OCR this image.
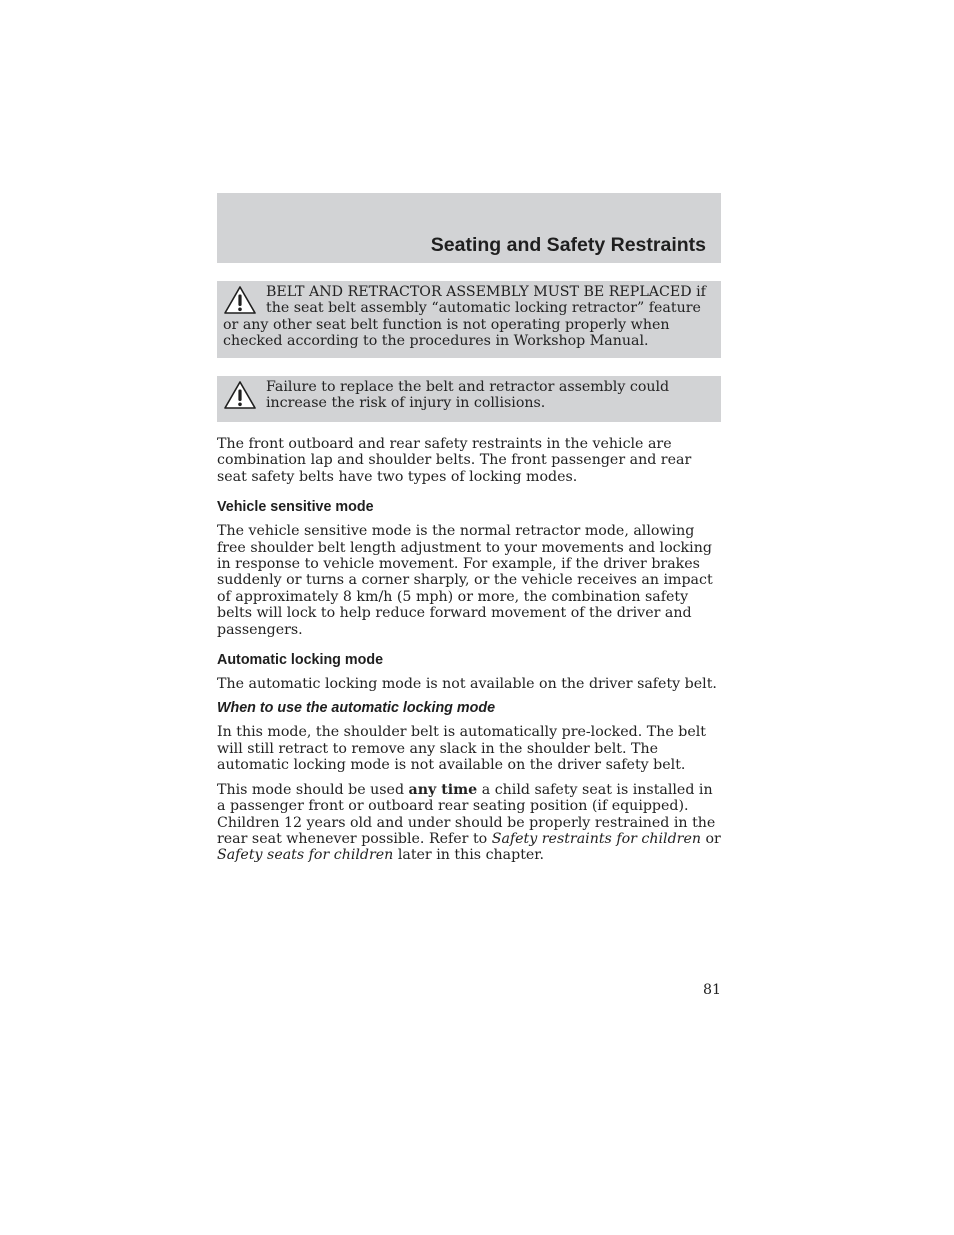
Seating and Safety Restraints
BELT AND RETRACTOR ASSEMBLY MUST BE REPLACED if the seat belt assembly “automatic locking retractor” feature or any other seat belt function is not operating properly when checked according to the procedures in Workshop Manual.
Failure to replace the belt and retractor assembly could increase the risk of injury in collisions.

The front outboard and rear safety restraints in the vehicle are combination lap and shoulder belts. The front passenger and rear seat safety belts have two types of locking modes.

Vehicle sensitive mode

The vehicle sensitive mode is the normal retractor mode, allowing free shoulder belt length adjustment to your movements and locking in response to vehicle movement. For example, if the driver brakes suddenly or turns a corner sharply, or the vehicle receives an impact of approximately 8 km/h (5 mph) or more, the combination safety belts will lock to help reduce forward movement of the driver and passengers.

Automatic locking mode

The automatic locking mode is not available on the driver safety belt.

When to use the automatic locking mode

In this mode, the shoulder belt is automatically pre-locked. The belt will still retract to remove any slack in the shoulder belt. The automatic locking mode is not available on the driver safety belt.

This mode should be used any time a child safety seat is installed in a passenger front or outboard rear seating position (if equipped). Children 12 years old and under should be properly restrained in the rear seat whenever possible. Refer to Safety restraints for children or Safety seats for children later in this chapter.

81
